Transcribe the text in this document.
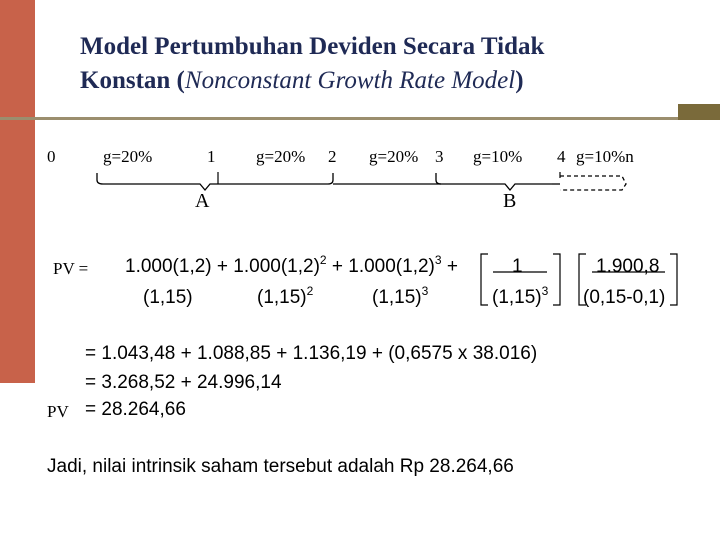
Model Pertumbuhan Deviden Secara Tidak
Konstan (Nonconstant Growth Rate Model)
0	g=20%	1 g=20% 2 g=20% 3 g=10% 4 g=10%n
A	B
PV = $1.000(1,2) + 1.000(1,2)^2 + 1.000(1,2)^3$ +
(1,15)	$(1,15)^2$	$(1,15)^3$
1
$(1,15)^3$
1.900,8
(0,15-0,1)
= 1.043,48 + 1.088,85 + 1.136,19 + (0,6575 x 38.016)
= 3.268,52 + 24.996,14
PV = 28.264,66
Jadi, nilai intrinsik saham tersebut adalah Rp 28.264,66
